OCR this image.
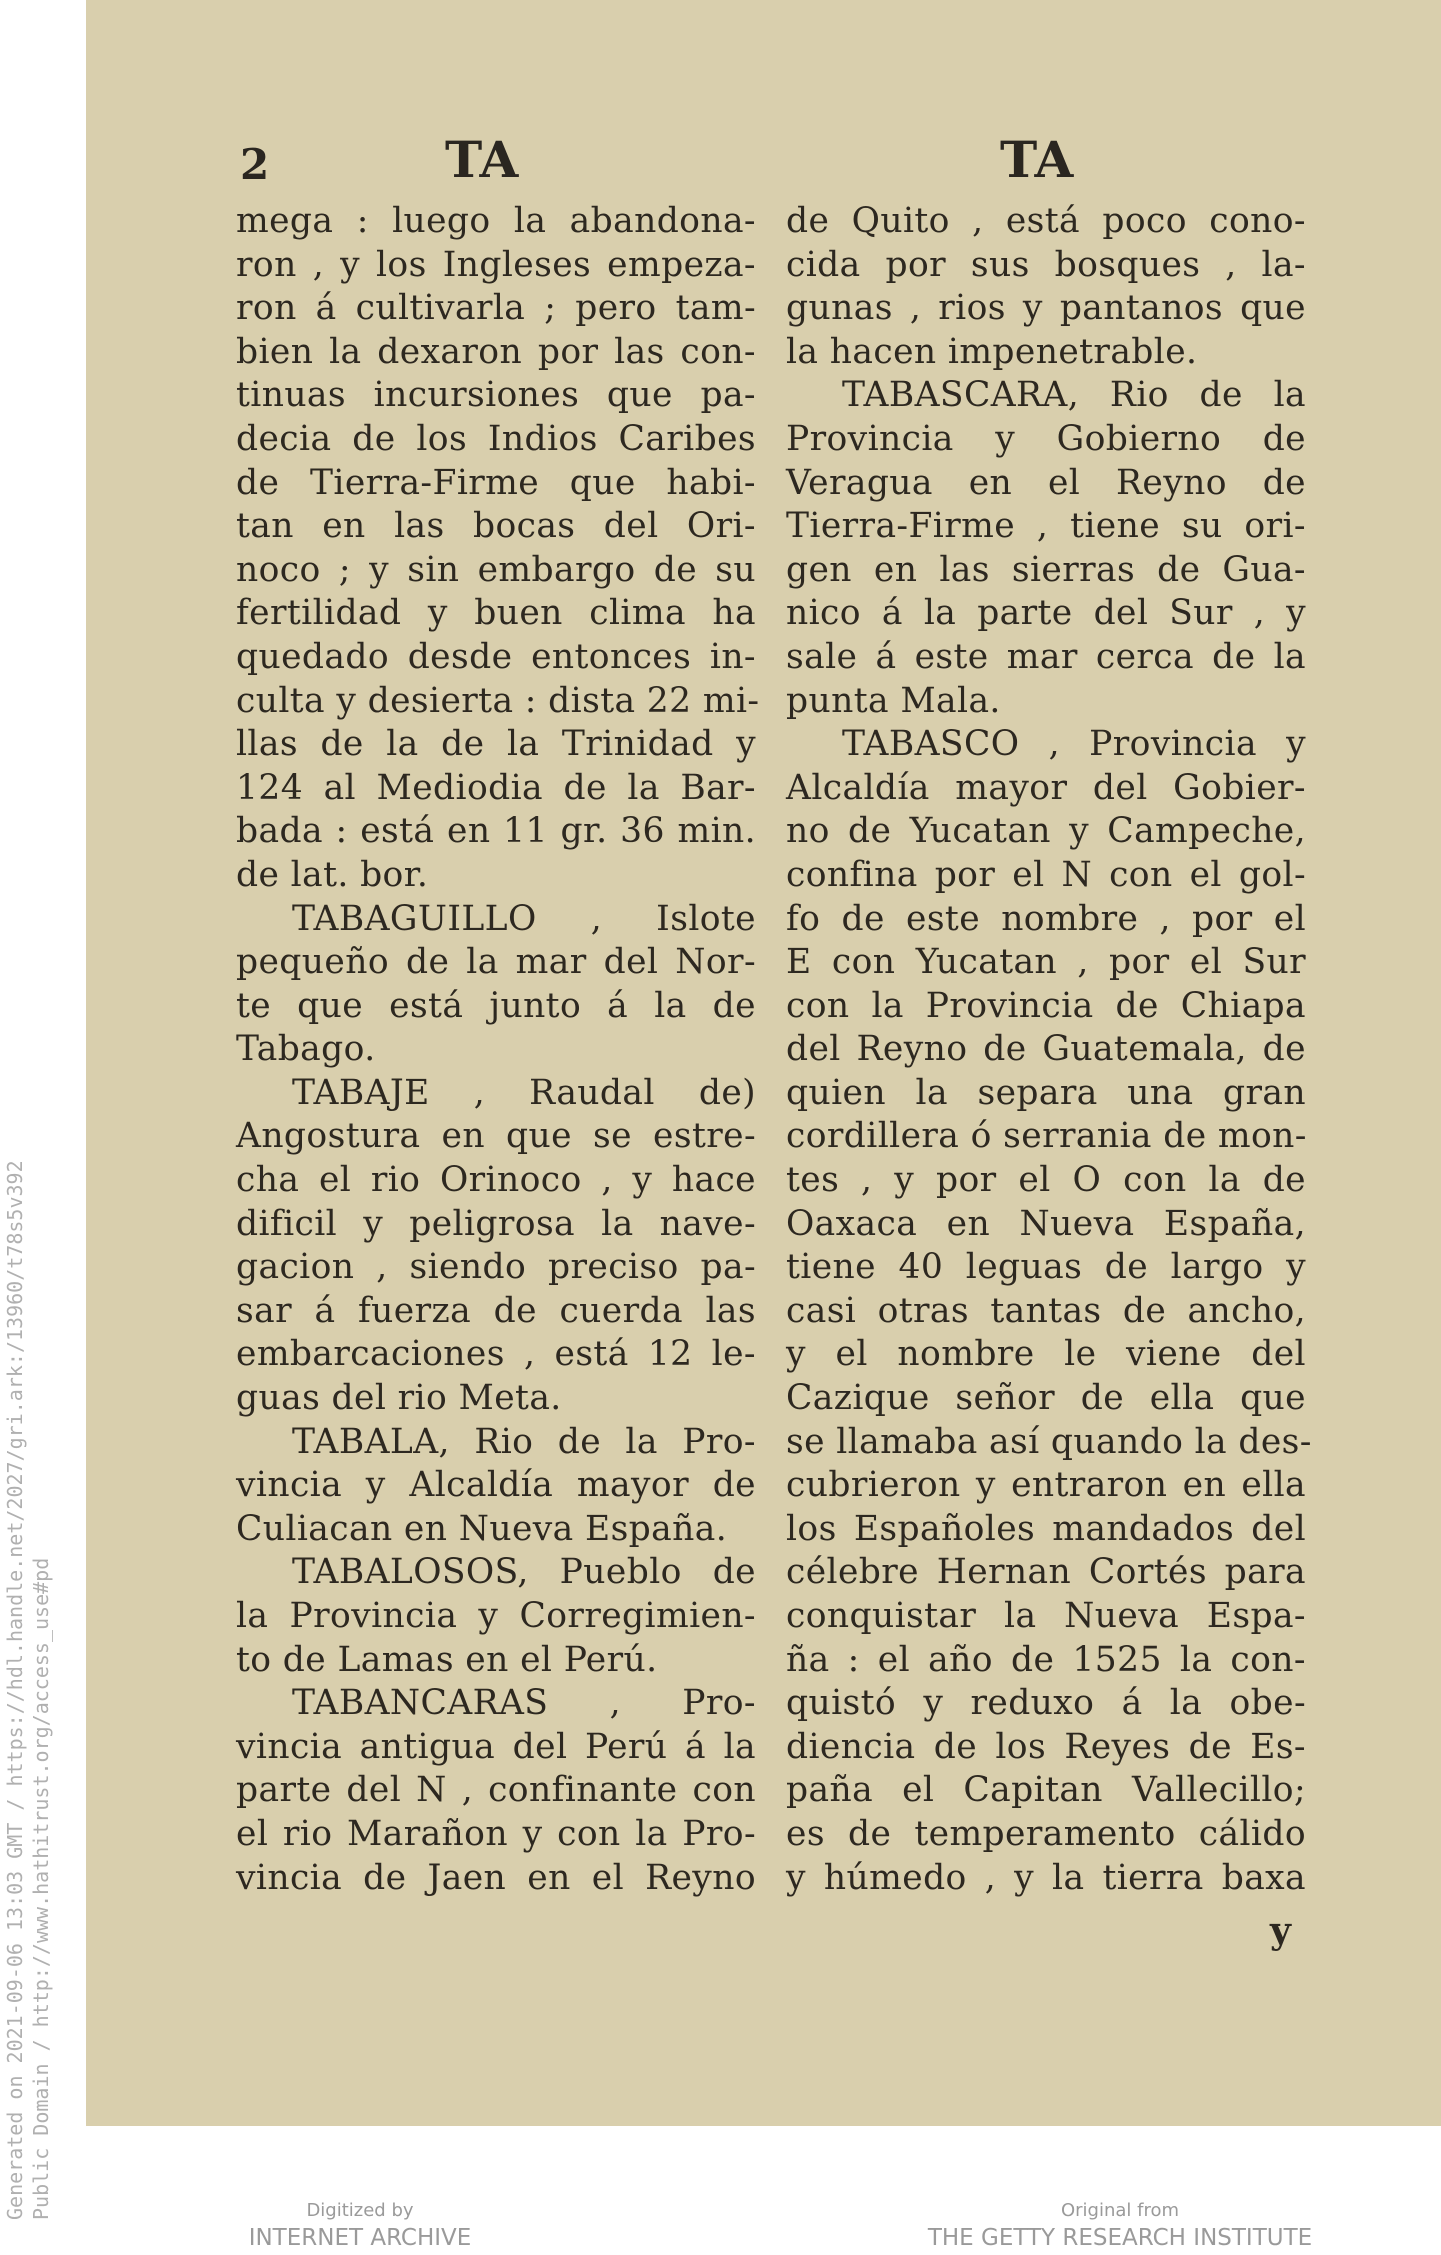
Generated on 2021-09-06 13:03 GMT / https://hdl.handle.net/2027/gri.ark:/13960/t78s5v392 Public Domain / http://www.hathitrust.org/access_use#pd
2	TA	TA
mega : luego la abandona-
ron , y los Ingleses empeza-
ron á cultivarla ; pero tam-
bien la dexaron por las con-
tinuas incursiones que pa-
decia de los Indios Caribes
de Tierra-Firme que habi-
tan en las bocas del Ori-
noco ; y sin embargo de su
fertilidad y buen clima ha
quedado desde entonces in-
culta y desierta : dista 22 mi-
llas de la de la Trinidad y
124 al Mediodia de la Bar-
bada : está en 11 gr. 36 min.
de lat. bor.
TABAGUILLO , Islote
pequeño de la mar del Nor-
te que está junto á la de
Tabago.
TABAJE , Raudal de)
Angostura en que se estre-
cha el rio Orinoco , y hace
dificil y peligrosa la nave-
gacion , siendo preciso pa-
sar á fuerza de cuerda las
embarcaciones , está 12 le-
guas del rio Meta.
TABALA, Rio de la Pro-
vincia y Alcaldía mayor de
Culiacan en Nueva España.
TABALOSOS, Pueblo de
la Provincia y Corregimien-
to de Lamas en el Perú.
TABANCARAS , Pro-
vincia antigua del Perú á la
parte del N , confinante con
el rio Marañon y con la Pro-
vincia de Jaen en el Reyno
de Quito , está poco cono-
cida por sus bosques , la-
gunas , rios y pantanos que
la hacen impenetrable.
TABASCARA, Rio de la
Provincia y Gobierno de
Veragua en el Reyno de
Tierra-Firme , tiene su ori-
gen en las sierras de Gua-
nico á la parte del Sur , y
sale á este mar cerca de la
punta Mala.
TABASCO , Provincia y
Alcaldía mayor del Gobier-
no de Yucatan y Campeche,
confina por el N con el gol-
fo de este nombre , por el
E con Yucatan , por el Sur
con la Provincia de Chiapa
del Reyno de Guatemala, de
quien la separa una gran
cordillera ó serrania de mon-
tes , y por el O con la de
Oaxaca en Nueva España,
tiene 40 leguas de largo y
casi otras tantas de ancho,
y el nombre le viene del
Cazique señor de ella que
se llamaba así quando la des-
cubrieron y entraron en ella
los Españoles mandados del
célebre Hernan Cortés para
conquistar la Nueva Espa-
ña : el año de 1525 la con-
quistó y reduxo á la obe-
diencia de los Reyes de Es-
paña el Capitan Vallecillo;
es de temperamento cálido
y húmedo , y la tierra baxa
y
Digitized by
INTERNET ARCHIVE
Original from
THE GETTY RESEARCH INSTITUTE
